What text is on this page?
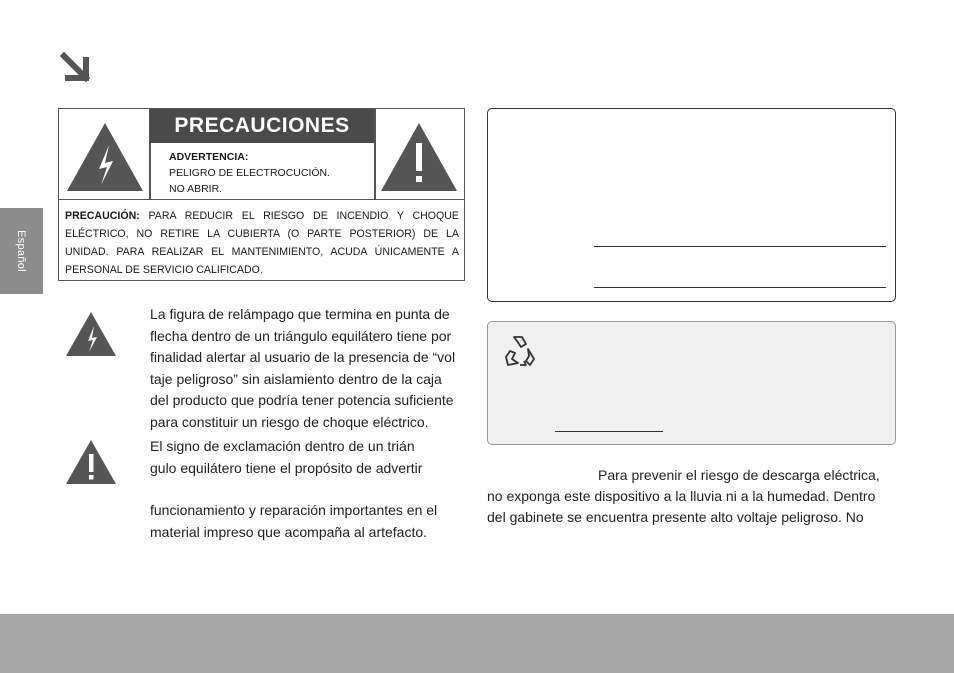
Español
PRECAUCIONES
ADVERTENCIA:
PELIGRO DE ELECTROCUCIÓN.
NO ABRIR.
PRECAUCIÓN: PARA REDUCIR EL RIESGO DE INCENDIO Y CHOQUE ELÉCTRICO, NO RETIRE LA CUBIERTA (O PARTE POSTERIOR) DE LA UNIDAD. PARA REALIZAR EL MANTENIMIENTO, ACUDA ÚNICAMENTE A PERSONAL DE SERVICIO CALIFICADO.
La figura de relámpago que termina en punta de
flecha dentro de un triángulo equilátero tiene por
finalidad alertar al usuario de la presencia de “vol
taje peligroso” sin aislamiento dentro de la caja
del producto que podría tener potencia suficiente
para constituir un riesgo de choque eléctrico.
El signo de exclamación dentro de un trián
gulo equilátero tiene el propósito de advertir
funcionamiento y reparación importantes en el
material impreso que acompaña al artefacto.
Para prevenir el riesgo de descarga eléctrica,
no exponga este dispositivo a la lluvia ni a la humedad. Dentro
del gabinete se encuentra presente alto voltaje peligroso. No
